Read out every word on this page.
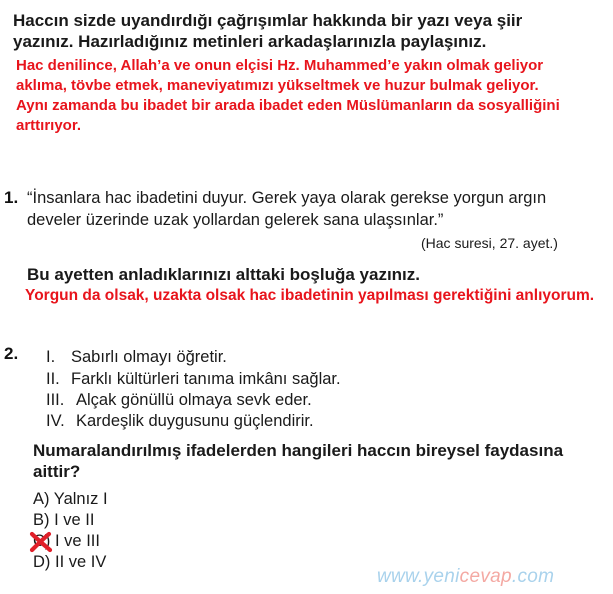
Haccın sizde uyandırdığı çağrışımlar hakkında bir yazı veya şiir
yazınız. Hazırladığınız metinleri arkadaşlarınızla paylaşınız.
Hac denilince, Allah’a ve onun elçisi Hz. Muhammed’e yakın olmak geliyor
aklıma, tövbe etmek, maneviyatımızı yükseltmek ve huzur bulmak geliyor.
Aynı zamanda bu ibadet bir arada ibadet eden Müslümanların da sosyalliğini
arttırıyor.
1. “İnsanlara hac ibadetini duyur. Gerek yaya olarak gerekse yorgun argın
develer üzerinde uzak yollardan gelerek sana ulaşsınlar.”
(Hac suresi, 27. ayet.)
Bu ayetten anladıklarınızı alttaki boşluğa yazınız.
Yorgun da olsak, uzakta olsak hac ibadetinin yapılması gerektiğini anlıyorum.
2. I. Sabırlı olmayı öğretir.
II. Farklı kültürleri tanıma imkânı sağlar.
III. Alçak gönüllü olmaya sevk eder.
IV. Kardeşlik duygusunu güçlendirir.
Numaralandırılmış ifadelerden hangileri haccın bireysel faydasına
aittir?
A) Yalnız I
B) I ve II
C) I ve III
D) II ve IV
www.yenicevap.com
